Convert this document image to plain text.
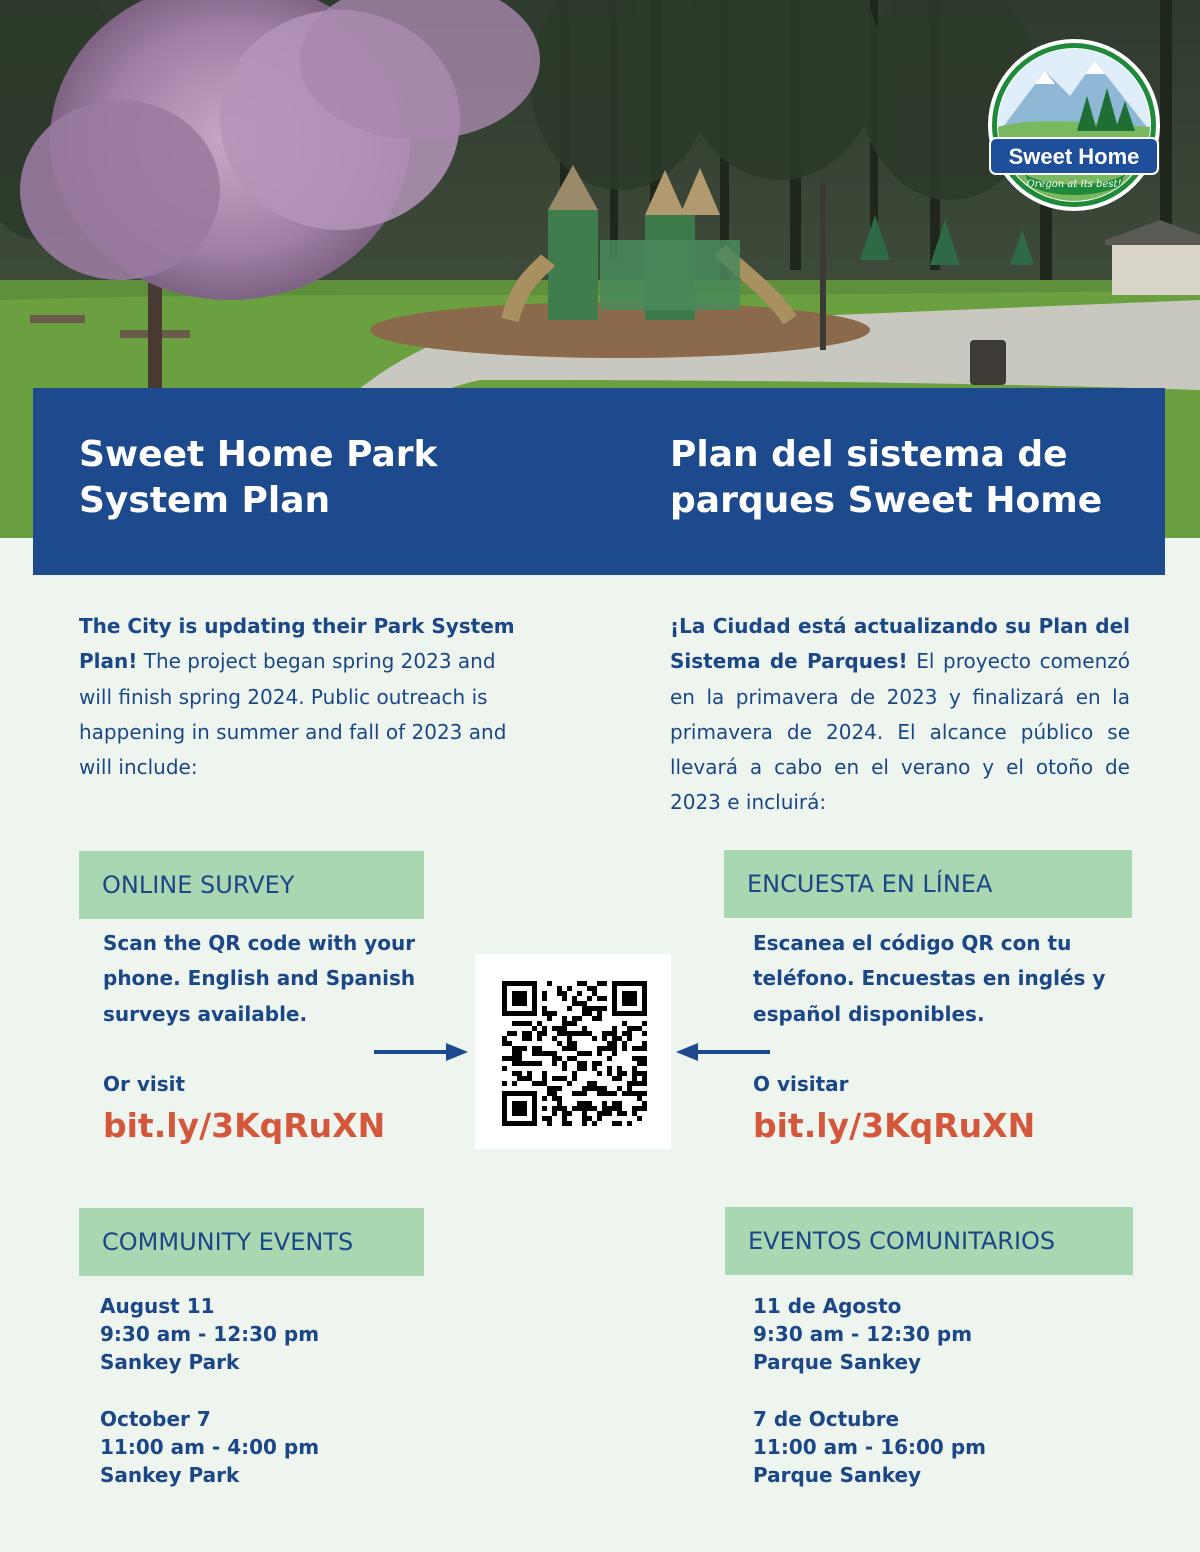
Sweet Home
Oregon at its best!
Sweet Home Park
System Plan
Plan del sistema de
parques Sweet Home

The City is updating their Park System Plan! The project began spring 2023 and will finish spring 2024. Public outreach is happening in summer and fall of 2023 and will include:

¡La Ciudad está actualizando su Plan del Sistema de Parques! El proyecto comenzó en la primavera de 2023 y finalizará en la primavera de 2024. El alcance público se llevará a cabo en el verano y el otoño de 2023 e incluirá:

ONLINE SURVEY	ENCUESTA EN LÍNEA

Scan the QR code with your phone. English and Spanish surveys available.

Escanea el código QR con tu teléfono. Encuestas en inglés y español disponibles.

Or visit
bit.ly/3KqRuXN
O visitar
bit.ly/3KqRuXN
COMMUNITY EVENTS	EVENTOS COMUNITARIOS
August 11
9:30 am - 12:30 pm
Sankey Park
October 7
11:00 am - 4:00 pm
Sankey Park
11 de Agosto
9:30 am - 12:30 pm
Parque Sankey
7 de Octubre
11:00 am - 16:00 pm
Parque Sankey
